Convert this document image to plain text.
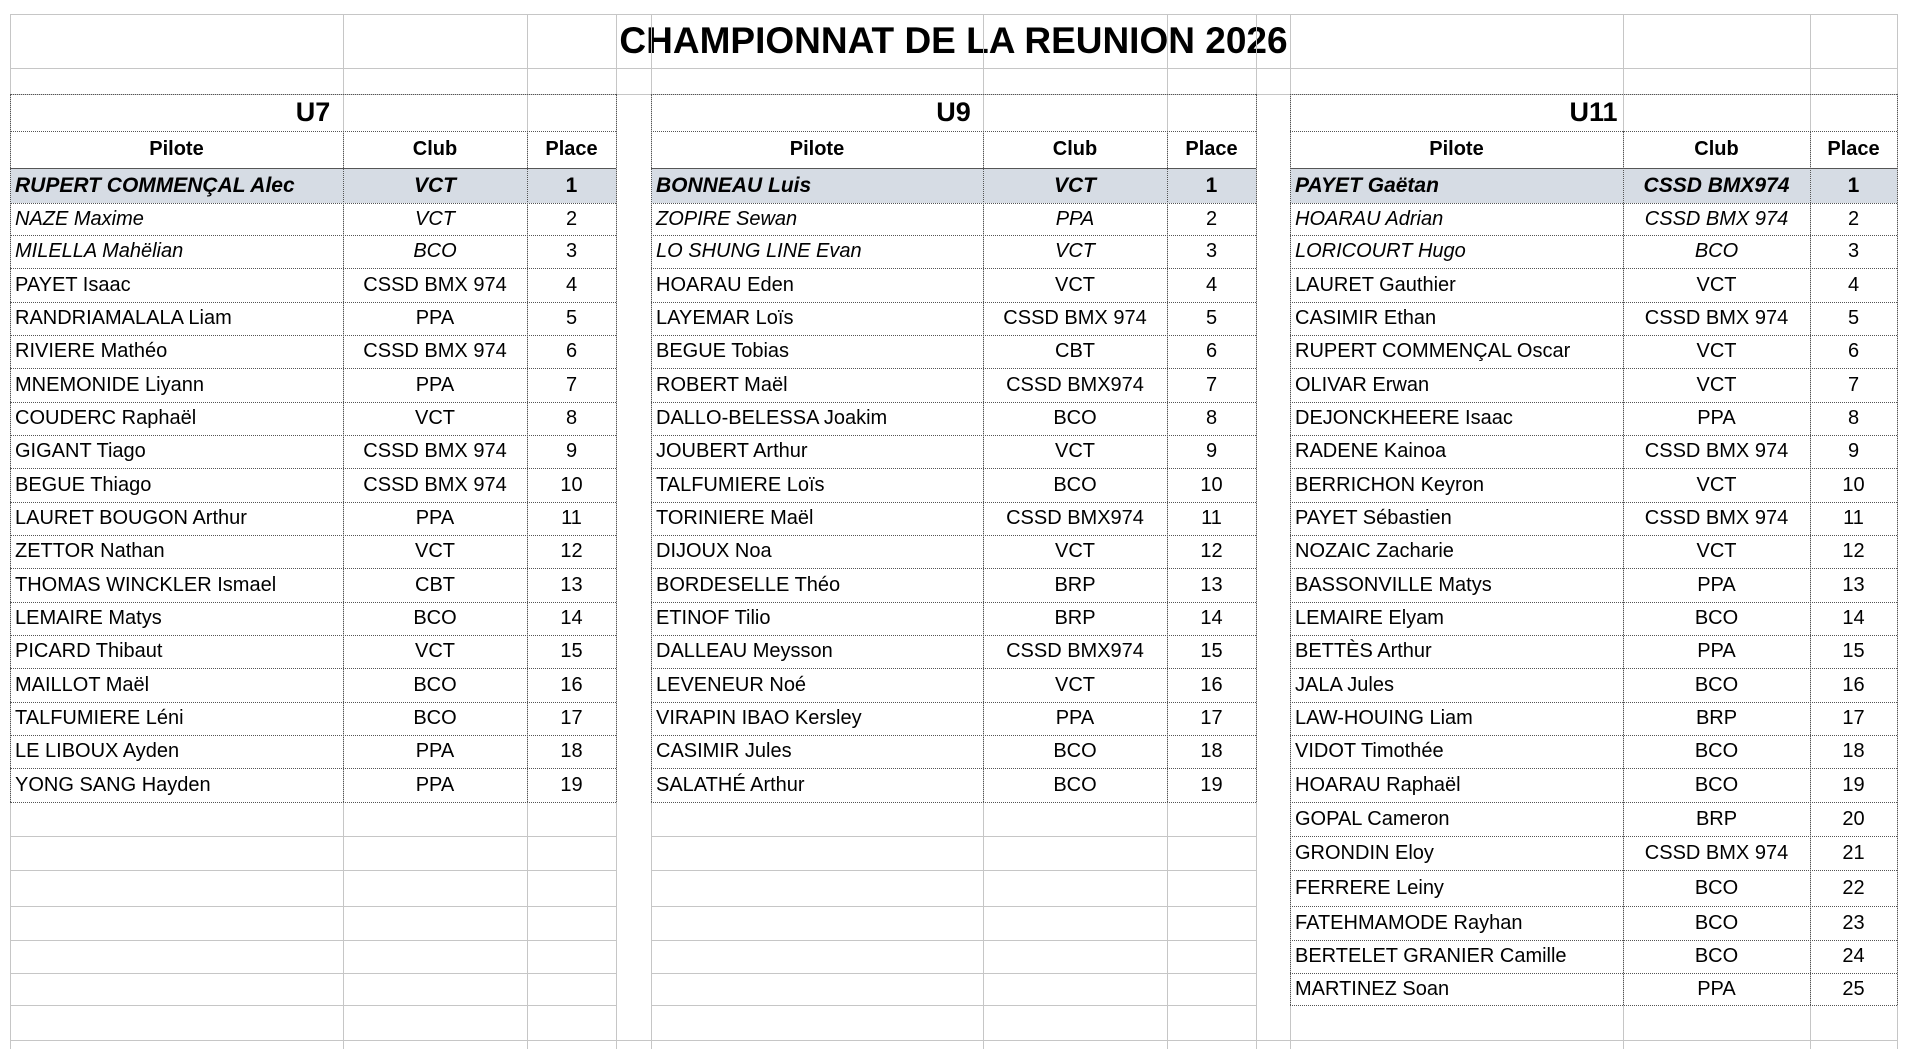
CHAMPIONNAT DE LA REUNION 2026
U7
Pilote	Club	Place
RUPERT COMMENÇAL Alec	VCT	1
NAZE Maxime	VCT	2
MILELLA Mahëlian	BCO	3
PAYET Isaac	CSSD BMX 974	4
RANDRIAMALALA Liam	PPA	5
RIVIERE Mathéo	CSSD BMX 974	6
MNEMONIDE Liyann	PPA	7
COUDERC Raphaël	VCT	8
GIGANT Tiago	CSSD BMX 974	9
BEGUE Thiago	CSSD BMX 974	10
LAURET BOUGON Arthur	PPA	11
ZETTOR Nathan	VCT	12
THOMAS WINCKLER Ismael	CBT	13
LEMAIRE Matys	BCO	14
PICARD Thibaut	VCT	15
MAILLOT Maël	BCO	16
TALFUMIERE Léni	BCO	17
LE LIBOUX Ayden	PPA	18
YONG SANG Hayden	PPA	19
U9
Pilote	Club	Place
BONNEAU Luis	VCT	1
ZOPIRE Sewan	PPA	2
LO SHUNG LINE Evan	VCT	3
HOARAU Eden	VCT	4
LAYEMAR Loïs	CSSD BMX 974	5
BEGUE Tobias	CBT	6
ROBERT Maël	CSSD BMX974	7
DALLO-BELESSA Joakim	BCO	8
JOUBERT Arthur	VCT	9
TALFUMIERE Loïs	BCO	10
TORINIERE Maël	CSSD BMX974	11
DIJOUX Noa	VCT	12
BORDESELLE Théo	BRP	13
ETINOF Tilio	BRP	14
DALLEAU Meysson	CSSD BMX974	15
LEVENEUR Noé	VCT	16
VIRAPIN IBAO Kersley	PPA	17
CASIMIR Jules	BCO	18
SALATHÉ Arthur	BCO	19
U11
Pilote	Club	Place
PAYET Gaëtan	CSSD BMX974	1
HOARAU Adrian	CSSD BMX 974	2
LORICOURT Hugo	BCO	3
LAURET Gauthier	VCT	4
CASIMIR Ethan	CSSD BMX 974	5
RUPERT COMMENÇAL Oscar	VCT	6
OLIVAR Erwan	VCT	7
DEJONCKHEERE Isaac	PPA	8
RADENE Kainoa	CSSD BMX 974	9
BERRICHON Keyron	VCT	10
PAYET Sébastien	CSSD BMX 974	11
NOZAIC Zacharie	VCT	12
BASSONVILLE Matys	PPA	13
LEMAIRE Elyam	BCO	14
BETTÈS Arthur	PPA	15
JALA Jules	BCO	16
LAW-HOUING Liam	BRP	17
VIDOT Timothée	BCO	18
HOARAU Raphaël	BCO	19
GOPAL Cameron	BRP	20
GRONDIN Eloy	CSSD BMX 974	21
FERRERE Leiny	BCO	22
FATEHMAMODE Rayhan	BCO	23
BERTELET GRANIER Camille	BCO	24
MARTINEZ Soan	PPA	25
